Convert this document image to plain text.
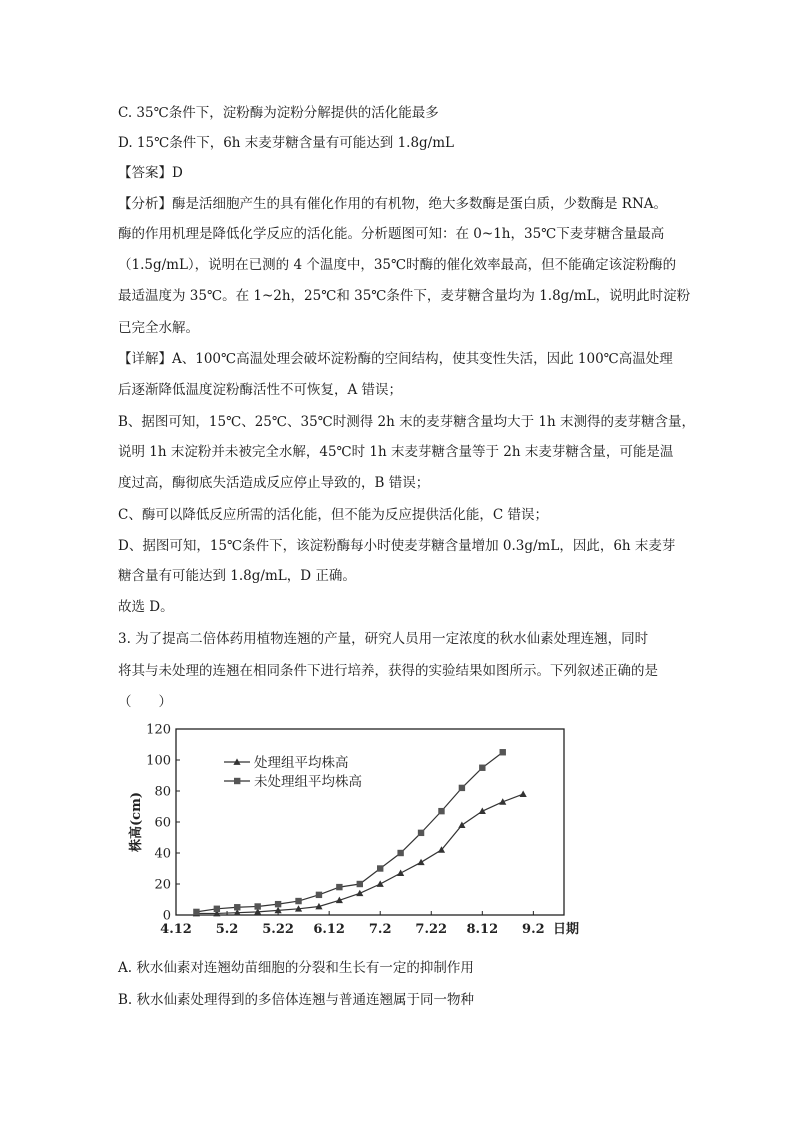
C. 35℃条件下，淀粉酶为淀粉分解提供的活化能最多
D. 15℃条件下，6h 末麦芽糖含量有可能达到 1.8g/mL
【答案】D
【分析】酶是活细胞产生的具有催化作用的有机物，绝大多数酶是蛋白质，少数酶是 RNA。
酶的作用机理是降低化学反应的活化能。分析题图可知：在 0~1h，35℃下麦芽糖含量最高
（1.5g/mL），说明在已测的 4 个温度中，35℃时酶的催化效率最高，但不能确定该淀粉酶的
最适温度为 35℃。在 1~2h，25℃和 35℃条件下，麦芽糖含量均为 1.8g/mL，说明此时淀粉
已完全水解。
【详解】A、100℃高温处理会破坏淀粉酶的空间结构，使其变性失活，因此 100℃高温处理
后逐渐降低温度淀粉酶活性不可恢复，A 错误；
B、据图可知，15℃、25℃、35℃时测得 2h 末的麦芽糖含量均大于 1h 末测得的麦芽糖含量，
说明 1h 末淀粉并未被完全水解，45℃时 1h 末麦芽糖含量等于 2h 末麦芽糖含量，可能是温
度过高，酶彻底失活造成反应停止导致的，B 错误；
C、酶可以降低反应所需的活化能，但不能为反应提供活化能，C 错误；
D、据图可知，15℃条件下，该淀粉酶每小时使麦芽糖含量增加 0.3g/mL，因此，6h 末麦芽
糖含量有可能达到 1.8g/mL，D 正确。
故选 D。
3. 为了提高二倍体药用植物连翘的产量，研究人员用一定浓度的秋水仙素处理连翘，同时
将其与未处理的连翘在相同条件下进行培养，获得的实验结果如图所示。下列叙述正确的是
（　　）
0
20
40
60
80
100
120
株高(cm)
4.12 5.2 5.22 6.12 7.2 7.22 8.12 9.2 日期
处理组平均株高
未处理组平均株高
A. 秋水仙素对连翘幼苗细胞的分裂和生长有一定的抑制作用
B. 秋水仙素处理得到的多倍体连翘与普通连翘属于同一物种
